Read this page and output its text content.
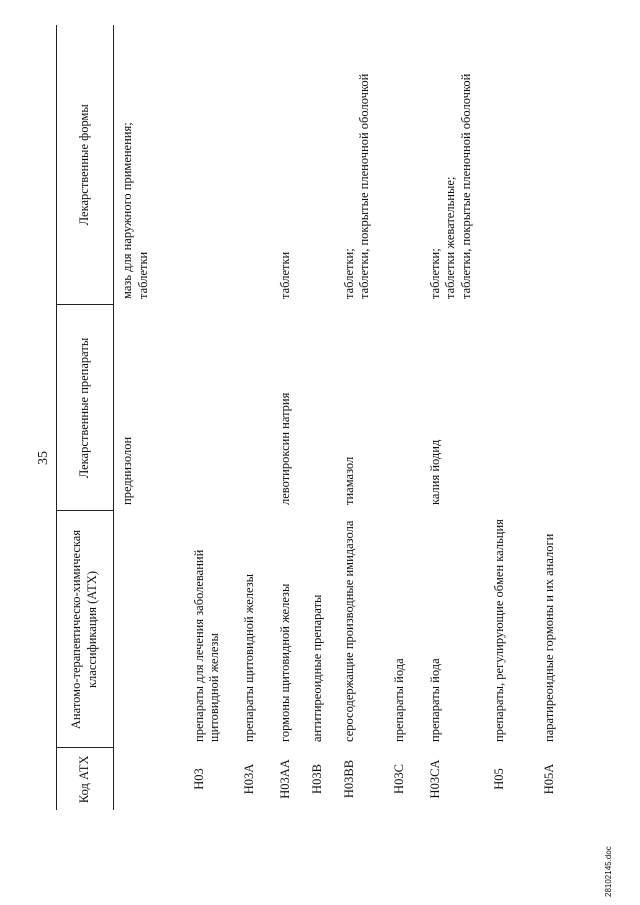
35
Код АТХ	Анатомо-терапевтическо-химическая классификация (АТХ)	Лекарственные препараты	Лекарственные формы
		преднизолон	мазь для наружного применения;
таблетки
H03	препараты для лечения заболеваний щитовидной железы		
H03A	препараты щитовидной железы		
H03AA	гормоны щитовидной железы	левотироксин натрия	таблетки
H03B	антитиреоидные препараты		
H03BB	серосодержащие производные имидазола	тиамазол	таблетки;
таблетки, покрытые пленочной оболочкой
H03C	препараты йода		
H03CA	препараты йода	калия йодид	таблетки;
таблетки жевательные;
таблетки, покрытые пленочной оболочкой
H05	препараты, регулирующие обмен кальция		
H05A	паратиреоидные гормоны и их аналоги		
28102145.doc
